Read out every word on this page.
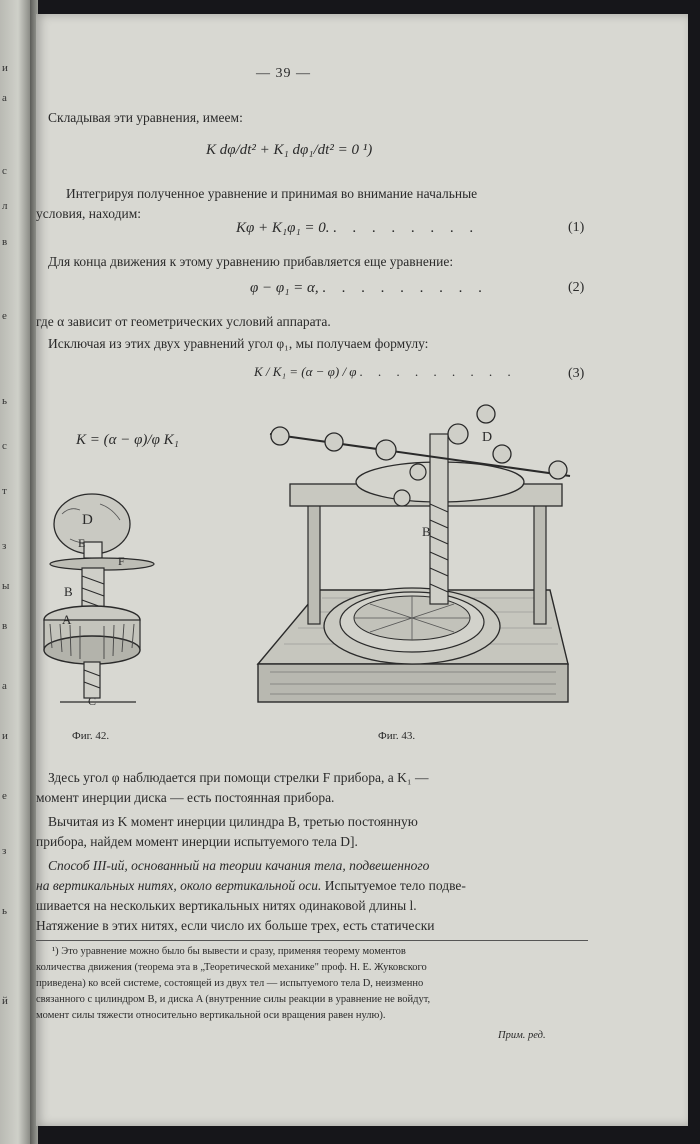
и
а
с
л
в
е
ь
с
т
з
ы
в
а
и
е
з
ь
й
— 39 —
Складывая эти уравнения, имеем:
K dφ/dt² + K₁ dφ₁/dt² = 0 ¹)
Интегрируя полученное уравнение и принимая во внимание начальные
условия, находим:
Kφ + K₁φ₁ = 0. . . . . . . . .	(1)
Для конца движения к этому уравнению прибавляется еще уравнение:
φ − φ₁ = α, . . . . . . . . .	(2)
где α зависит от геометрических условий аппарата.
Исключая из этих двух уравнений угол φ₁, мы получаем формулу:
K / K₁ = (α − φ) / φ . . . . . . . . .	(3)
K = (α − φ)/φ K₁
D
E
F
B
A
C
Фиг. 42.
D
B
Фиг. 43.
Здесь угол φ наблюдается при помощи стрелки F прибора, а K₁ —
момент инерции диска — есть постоянная прибора.
Вычитая из K момент инерции цилиндра B, третью постоянную
прибора, найдем момент инерции испытуемого тела D].
Способ III-ий, основанный на теории качания тела, подвешенного
на вертикальных нитях, около вертикальной оси. Испытуемое тело подве-
шивается на нескольких вертикальных нитях одинаковой длины l.
Натяжение в этих нитях, если число их больше трех, есть статически
¹) Это уравнение можно было бы вывести и сразу, применяя теорему моментов
количества движения (теорема эта в „Теоретической механике" проф. Н. Е. Жуковского
приведена) ко всей системе, состоящей из двух тел — испытуемого тела D, неизменно
связанного с цилиндром B, и диска A (внутренние силы реакции в уравнение не войдут,
момент силы тяжести относительно вертикальной оси вращения равен нулю).
Прим. ред.
